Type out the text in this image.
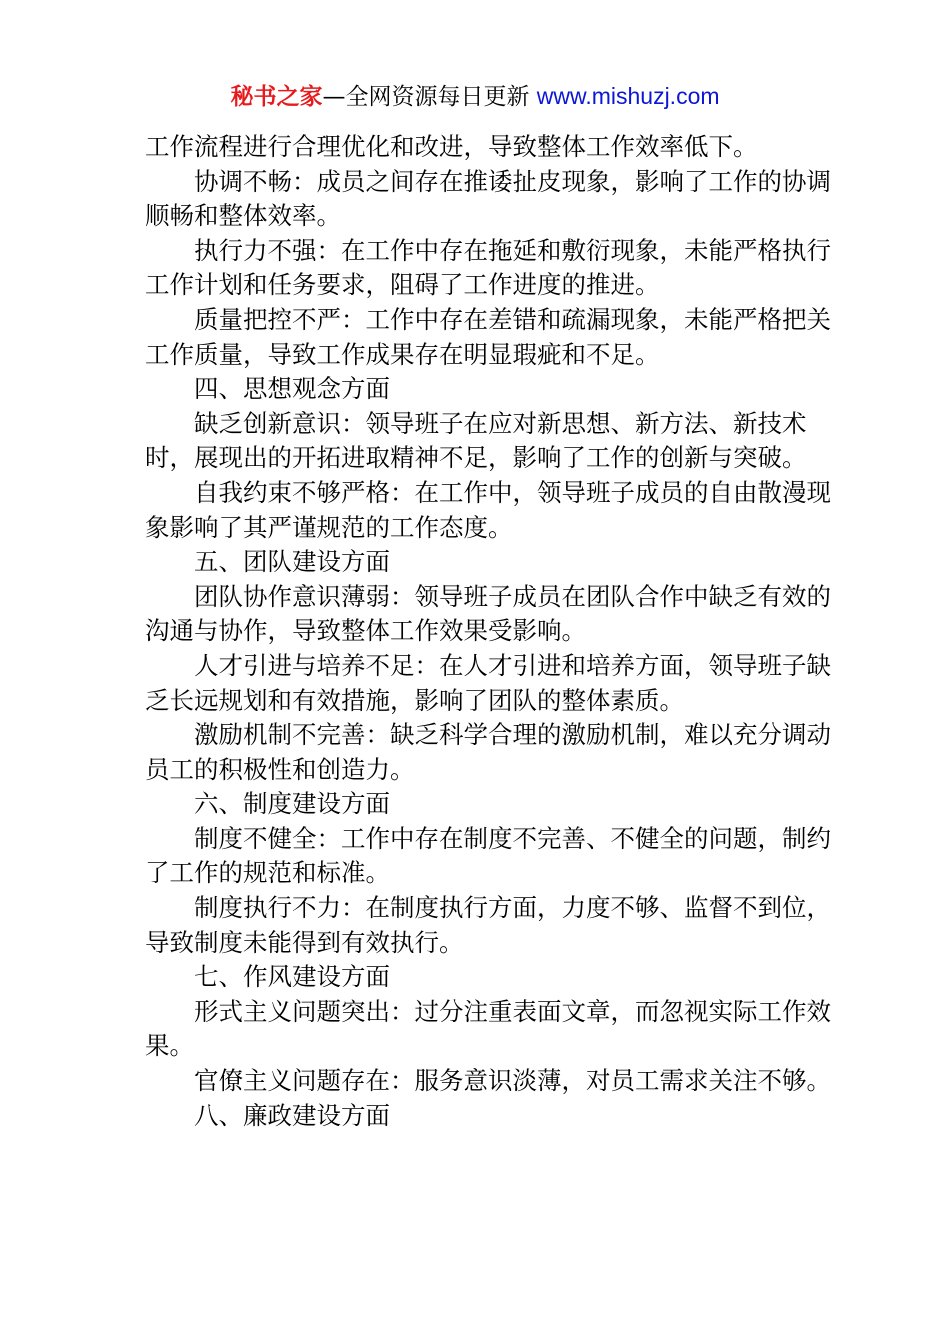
秘书之家—全网资源每日更新 www.mishuzj.com

工作流程进行合理优化和改进，导致整体工作效率低下。

协调不畅：成员之间存在推诿扯皮现象，影响了工作的协调顺畅和整体效率。

执行力不强：在工作中存在拖延和敷衍现象，未能严格执行工作计划和任务要求，阻碍了工作进度的推进。

质量把控不严：工作中存在差错和疏漏现象，未能严格把关工作质量，导致工作成果存在明显瑕疵和不足。

四、思想观念方面

缺乏创新意识：领导班子在应对新思想、新方法、新技术时，展现出的开拓进取精神不足，影响了工作的创新与突破。

自我约束不够严格：在工作中，领导班子成员的自由散漫现象影响了其严谨规范的工作态度。

五、团队建设方面

团队协作意识薄弱：领导班子成员在团队合作中缺乏有效的沟通与协作，导致整体工作效果受影响。

人才引进与培养不足：在人才引进和培养方面，领导班子缺乏长远规划和有效措施，影响了团队的整体素质。

激励机制不完善：缺乏科学合理的激励机制，难以充分调动员工的积极性和创造力。

六、制度建设方面

制度不健全：工作中存在制度不完善、不健全的问题，制约了工作的规范和标准。

制度执行不力：在制度执行方面，力度不够、监督不到位，导致制度未能得到有效执行。

七、作风建设方面

形式主义问题突出：过分注重表面文章，而忽视实际工作效果。

官僚主义问题存在：服务意识淡薄，对员工需求关注不够。

八、廉政建设方面
